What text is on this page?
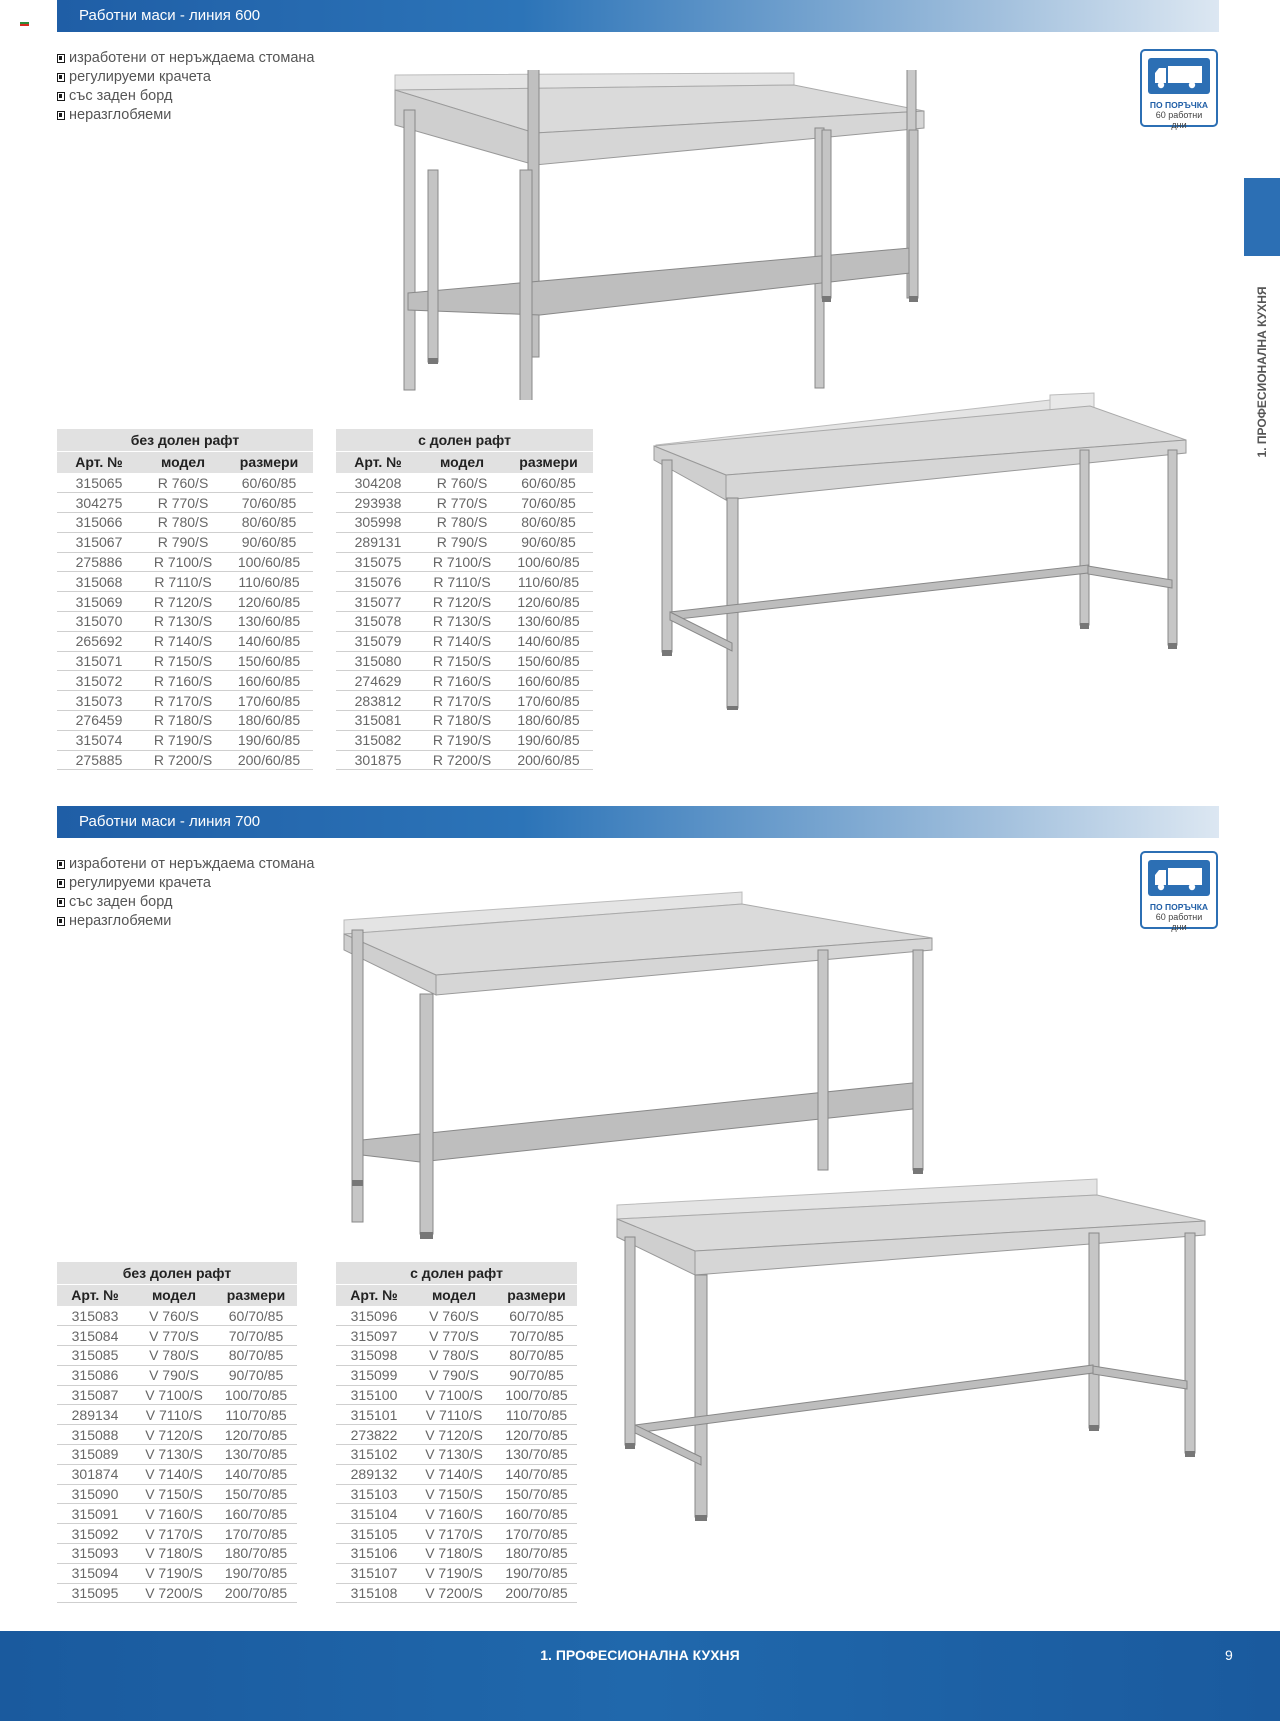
Работни маси - линия 600
изработени от неръждаема стомана
регулируеми крачета
със заден борд
неразглобяеми
ПО ПОРЪЧКА
60 работни
дни
1. ПРОФЕСИОНАЛНА КУХНЯ
без долен рафт		
Арт. №	модел	размери
315065	R 760/S	60/60/85
304275	R 770/S	70/60/85
315066	R 780/S	80/60/85
315067	R 790/S	90/60/85
275886	R 7100/S	100/60/85
315068	R 7110/S	110/60/85
315069	R 7120/S	120/60/85
315070	R 7130/S	130/60/85
265692	R 7140/S	140/60/85
315071	R 7150/S	150/60/85
315072	R 7160/S	160/60/85
315073	R 7170/S	170/60/85
276459	R 7180/S	180/60/85
315074	R 7190/S	190/60/85
275885	R 7200/S	200/60/85
с долен рафт		
Арт. №	модел	размери
304208	R 760/S	60/60/85
293938	R 770/S	70/60/85
305998	R 780/S	80/60/85
289131	R 790/S	90/60/85
315075	R 7100/S	100/60/85
315076	R 7110/S	110/60/85
315077	R 7120/S	120/60/85
315078	R 7130/S	130/60/85
315079	R 7140/S	140/60/85
315080	R 7150/S	150/60/85
274629	R 7160/S	160/60/85
283812	R 7170/S	170/60/85
315081	R 7180/S	180/60/85
315082	R 7190/S	190/60/85
301875	R 7200/S	200/60/85
Работни маси - линия 700
изработени от неръждаема стомана
регулируеми крачета
със заден борд
неразглобяеми
ПО ПОРЪЧКА
60 работни
дни
без долен рафт		
Арт. №	модел	размери
315083	V 760/S	60/70/85
315084	V 770/S	70/70/85
315085	V 780/S	80/70/85
315086	V 790/S	90/70/85
315087	V 7100/S	100/70/85
289134	V 7110/S	110/70/85
315088	V 7120/S	120/70/85
315089	V 7130/S	130/70/85
301874	V 7140/S	140/70/85
315090	V 7150/S	150/70/85
315091	V 7160/S	160/70/85
315092	V 7170/S	170/70/85
315093	V 7180/S	180/70/85
315094	V 7190/S	190/70/85
315095	V 7200/S	200/70/85
с долен рафт		
Арт. №	модел	размери
315096	V 760/S	60/70/85
315097	V 770/S	70/70/85
315098	V 780/S	80/70/85
315099	V 790/S	90/70/85
315100	V 7100/S	100/70/85
315101	V 7110/S	110/70/85
273822	V 7120/S	120/70/85
315102	V 7130/S	130/70/85
289132	V 7140/S	140/70/85
315103	V 7150/S	150/70/85
315104	V 7160/S	160/70/85
315105	V 7170/S	170/70/85
315106	V 7180/S	180/70/85
315107	V 7190/S	190/70/85
315108	V 7200/S	200/70/85
1. ПРОФЕСИОНАЛНА КУХНЯ	9
